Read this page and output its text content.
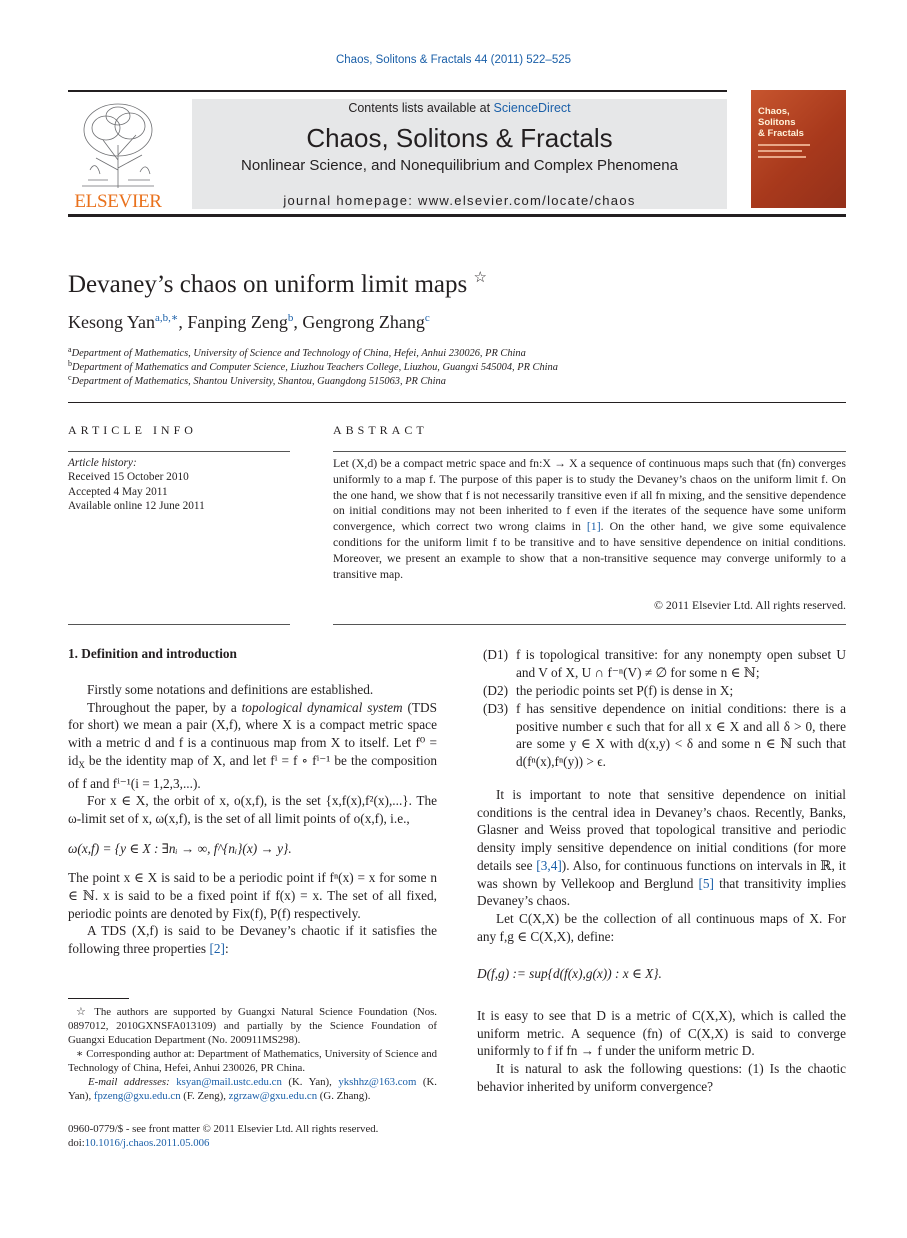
Chaos, Solitons & Fractals 44 (2011) 522–525
ELSEVIER
Contents lists available at ScienceDirect
Chaos, Solitons & Fractals
Nonlinear Science, and Nonequilibrium and Complex Phenomena
journal homepage: www.elsevier.com/locate/chaos
Chaos,
Solitons
& Fractals
Devaney’s chaos on uniform limit maps ☆
Kesong Yan$^{a,b,∗}$, Fanping Zeng$^b$, Gengrong Zhang$^c$
$^a$Department of Mathematics, University of Science and Technology of China, Hefei, Anhui 230026, PR China
$^b$Department of Mathematics and Computer Science, Liuzhou Teachers College, Liuzhou, Guangxi 545004, PR China
$^c$Department of Mathematics, Shantou University, Shantou, Guangdong 515063, PR China
ARTICLE INFO
Article history:
Received 15 October 2010
Accepted 4 May 2011
Available online 12 June 2011
ABSTRACT
Let (X,d) be a compact metric space and fn:X → X a sequence of continuous maps such that (fn) converges uniformly to a map f. The purpose of this paper is to study the Devaney’s chaos on the uniform limit f. On the one hand, we show that f is not necessarily transitive even if all fn mixing, and the sensitive dependence on initial conditions may not been inherited to f even if the iterates of the sequence have some uniform convergence, which correct two wrong claims in [1]. On the other hand, we give some equivalence conditions for the uniform limit f to be transitive and to have sensitive dependence on initial conditions. Moreover, we present an example to show that a non-transitive sequence may converge uniformly to a transitive map.
© 2011 Elsevier Ltd. All rights reserved.
1. Definition and introduction

Firstly some notations and definitions are established.

Throughout the paper, by a topological dynamical system (TDS for short) we mean a pair (X,f), where X is a compact metric space with a metric d and f is a continuous map from X to itself. Let $f^0 = id_X$ be the identity map of X, and let fⁱ = f ∘ fⁱ⁻¹ be the composition of f and fⁱ⁻¹(i = 1,2,3,...).

For x ∈ X, the orbit of x, o(x,f), is the set {x,f(x),f²(x),...}. The ω-limit set of x, ω(x,f), is the set of all limit points of o(x,f), i.e.,

ω(x,f) = {y ∈ X : ∃nᵢ → ∞, f^{nᵢ}(x) → y}.

The point x ∈ X is said to be a periodic point if fⁿ(x) = x for some n ∈ ℕ. x is said to be a fixed point if f(x) = x. The set of all fixed, periodic points are denoted by Fix(f), P(f) respectively.

A TDS (X,f) is said to be Devaney’s chaotic if it satisfies the following three properties [2]:

☆ The authors are supported by Guangxi Natural Science Foundation (Nos. 0897012, 2010GXNSFA013109) and partially by the Science Foundation of Guangxi Education Department (No. 200911MS298).
∗ Corresponding author at: Department of Mathematics, University of Science and Technology of China, Hefei, Anhui 230026, PR China.
E-mail addresses: ksyan@mail.ustc.edu.cn (K. Yan), ykshhz@163.com (K. Yan), fpzeng@gxu.edu.cn (F. Zeng), zgrzaw@gxu.edu.cn (G. Zhang).
0960-0779/$ - see front matter © 2011 Elsevier Ltd. All rights reserved.
doi:10.1016/j.chaos.2011.05.006
(D1) f is topological transitive: for any nonempty open subset U and V of X, U ∩ f⁻ⁿ(V) ≠ ∅ for some n ∈ ℕ;
(D2) the periodic points set P(f) is dense in X;
(D3) f has sensitive dependence on initial conditions: there is a positive number ϵ such that for all x ∈ X and all δ > 0, there are some y ∈ X with d(x,y) < δ and some n ∈ ℕ such that d(fⁿ(x),fⁿ(y)) > ϵ.

It is important to note that sensitive dependence on initial conditions is the central idea in Devaney’s chaos. Recently, Banks, Glasner and Weiss proved that topological transitive and periodic density imply sensitive dependence on initial conditions (for more details see [3,4]). Also, for continuous functions on intervals in ℝ, it was shown by Vellekoop and Berglund [5] that transitivity implies Devaney’s chaos.

Let C(X,X) be the collection of all continuous maps of X. For any f,g ∈ C(X,X), define:

D(f,g) := sup{d(f(x),g(x)) : x ∈ X}.

It is easy to see that D is a metric of C(X,X), which is called the uniform metric. A sequence (fn) of C(X,X) is said to converge uniformly to f if fn → f under the uniform metric D.

It is natural to ask the following questions: (1) Is the chaotic behavior inherited by uniform convergence?
